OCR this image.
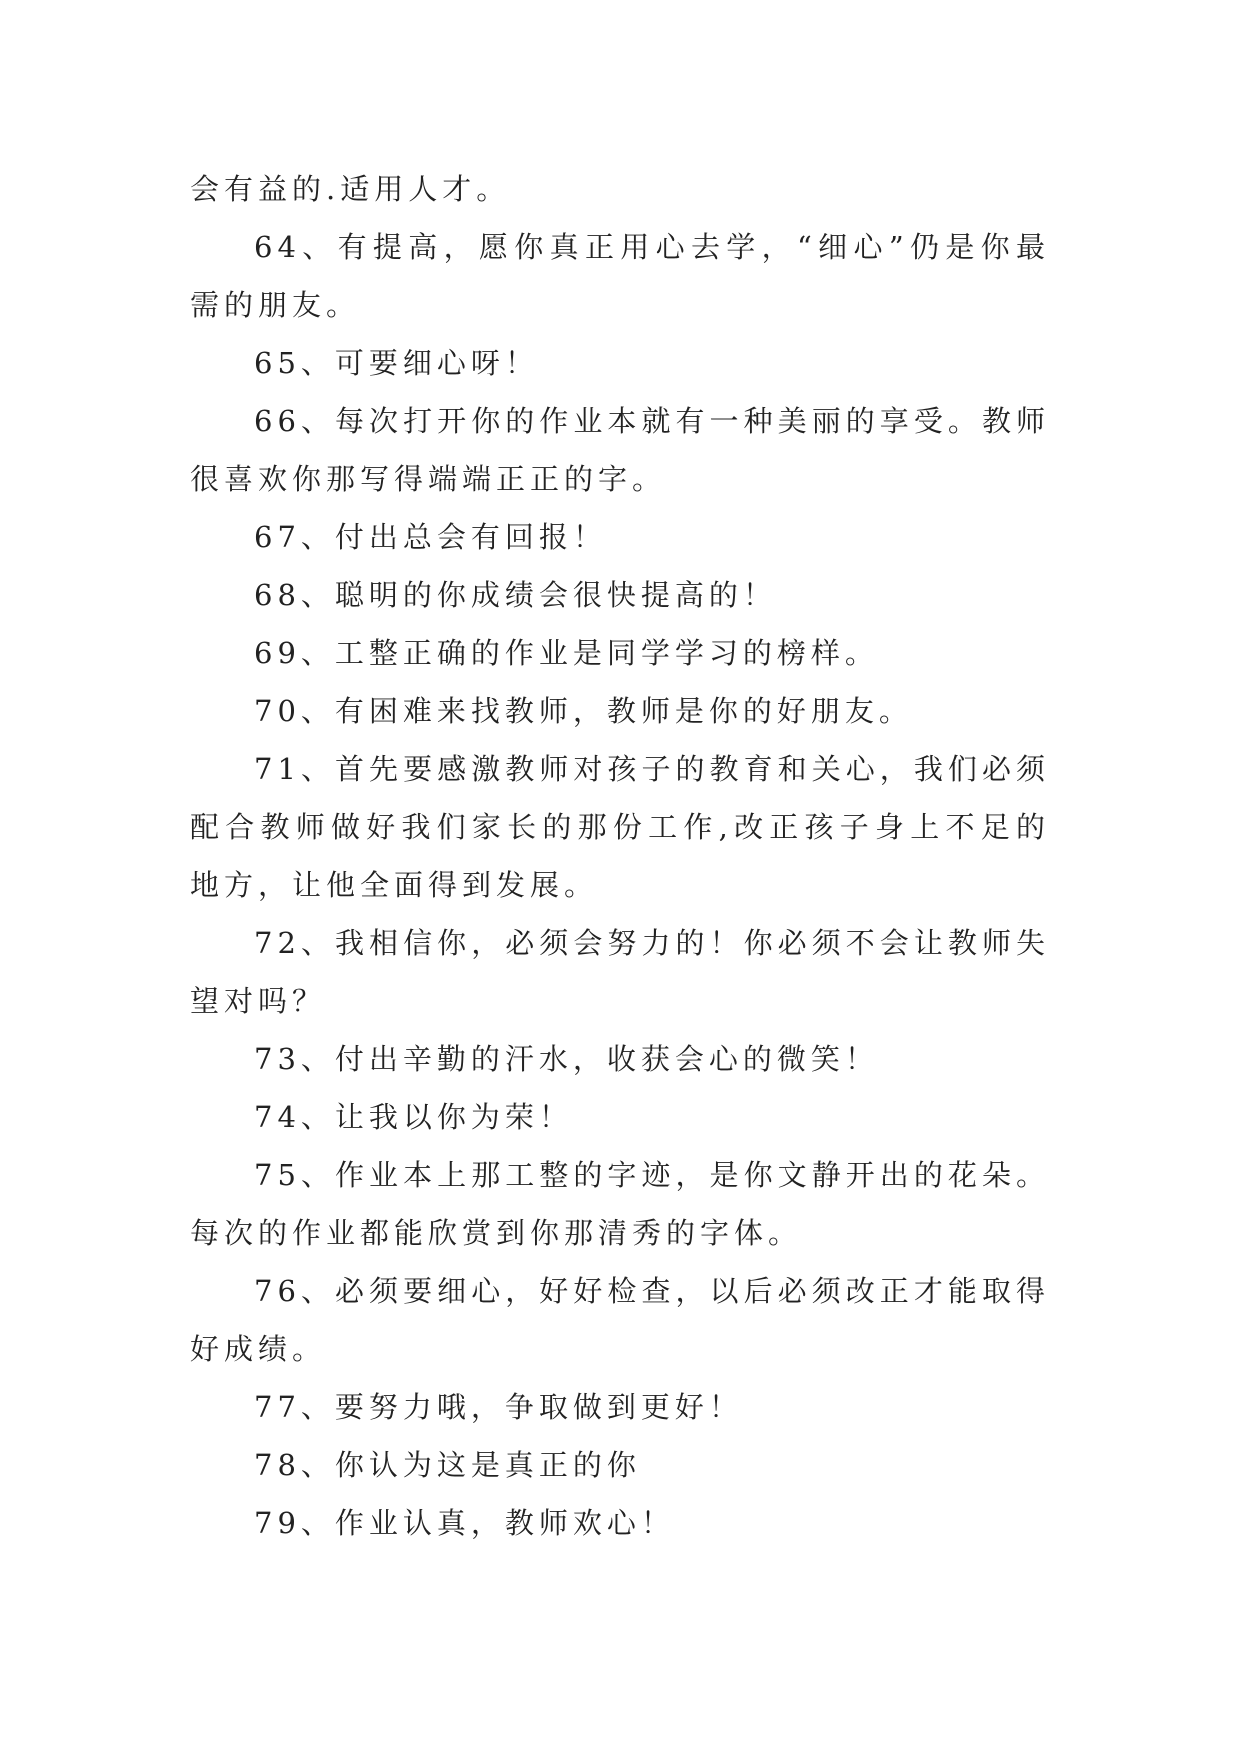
会有益的.适用人才。

64、有提高，愿你真正用心去学，“细心”仍是你最需的朋友。

65、可要细心呀！

66、每次打开你的作业本就有一种美丽的享受。教师很喜欢你那写得端端正正的字。

67、付出总会有回报！

68、聪明的你成绩会很快提高的！

69、工整正确的作业是同学学习的榜样。

70、有困难来找教师，教师是你的好朋友。

71、首先要感激教师对孩子的教育和关心，我们必须配合教师做好我们家长的那份工作,改正孩子身上不足的地方，让他全面得到发展。

72、我相信你，必须会努力的！你必须不会让教师失望对吗？

73、付出辛勤的汗水，收获会心的微笑！

74、让我以你为荣！

75、作业本上那工整的字迹，是你文静开出的花朵。每次的作业都能欣赏到你那清秀的字体。

76、必须要细心，好好检查，以后必须改正才能取得好成绩。

77、要努力哦，争取做到更好！

78、你认为这是真正的你

79、作业认真，教师欢心！
